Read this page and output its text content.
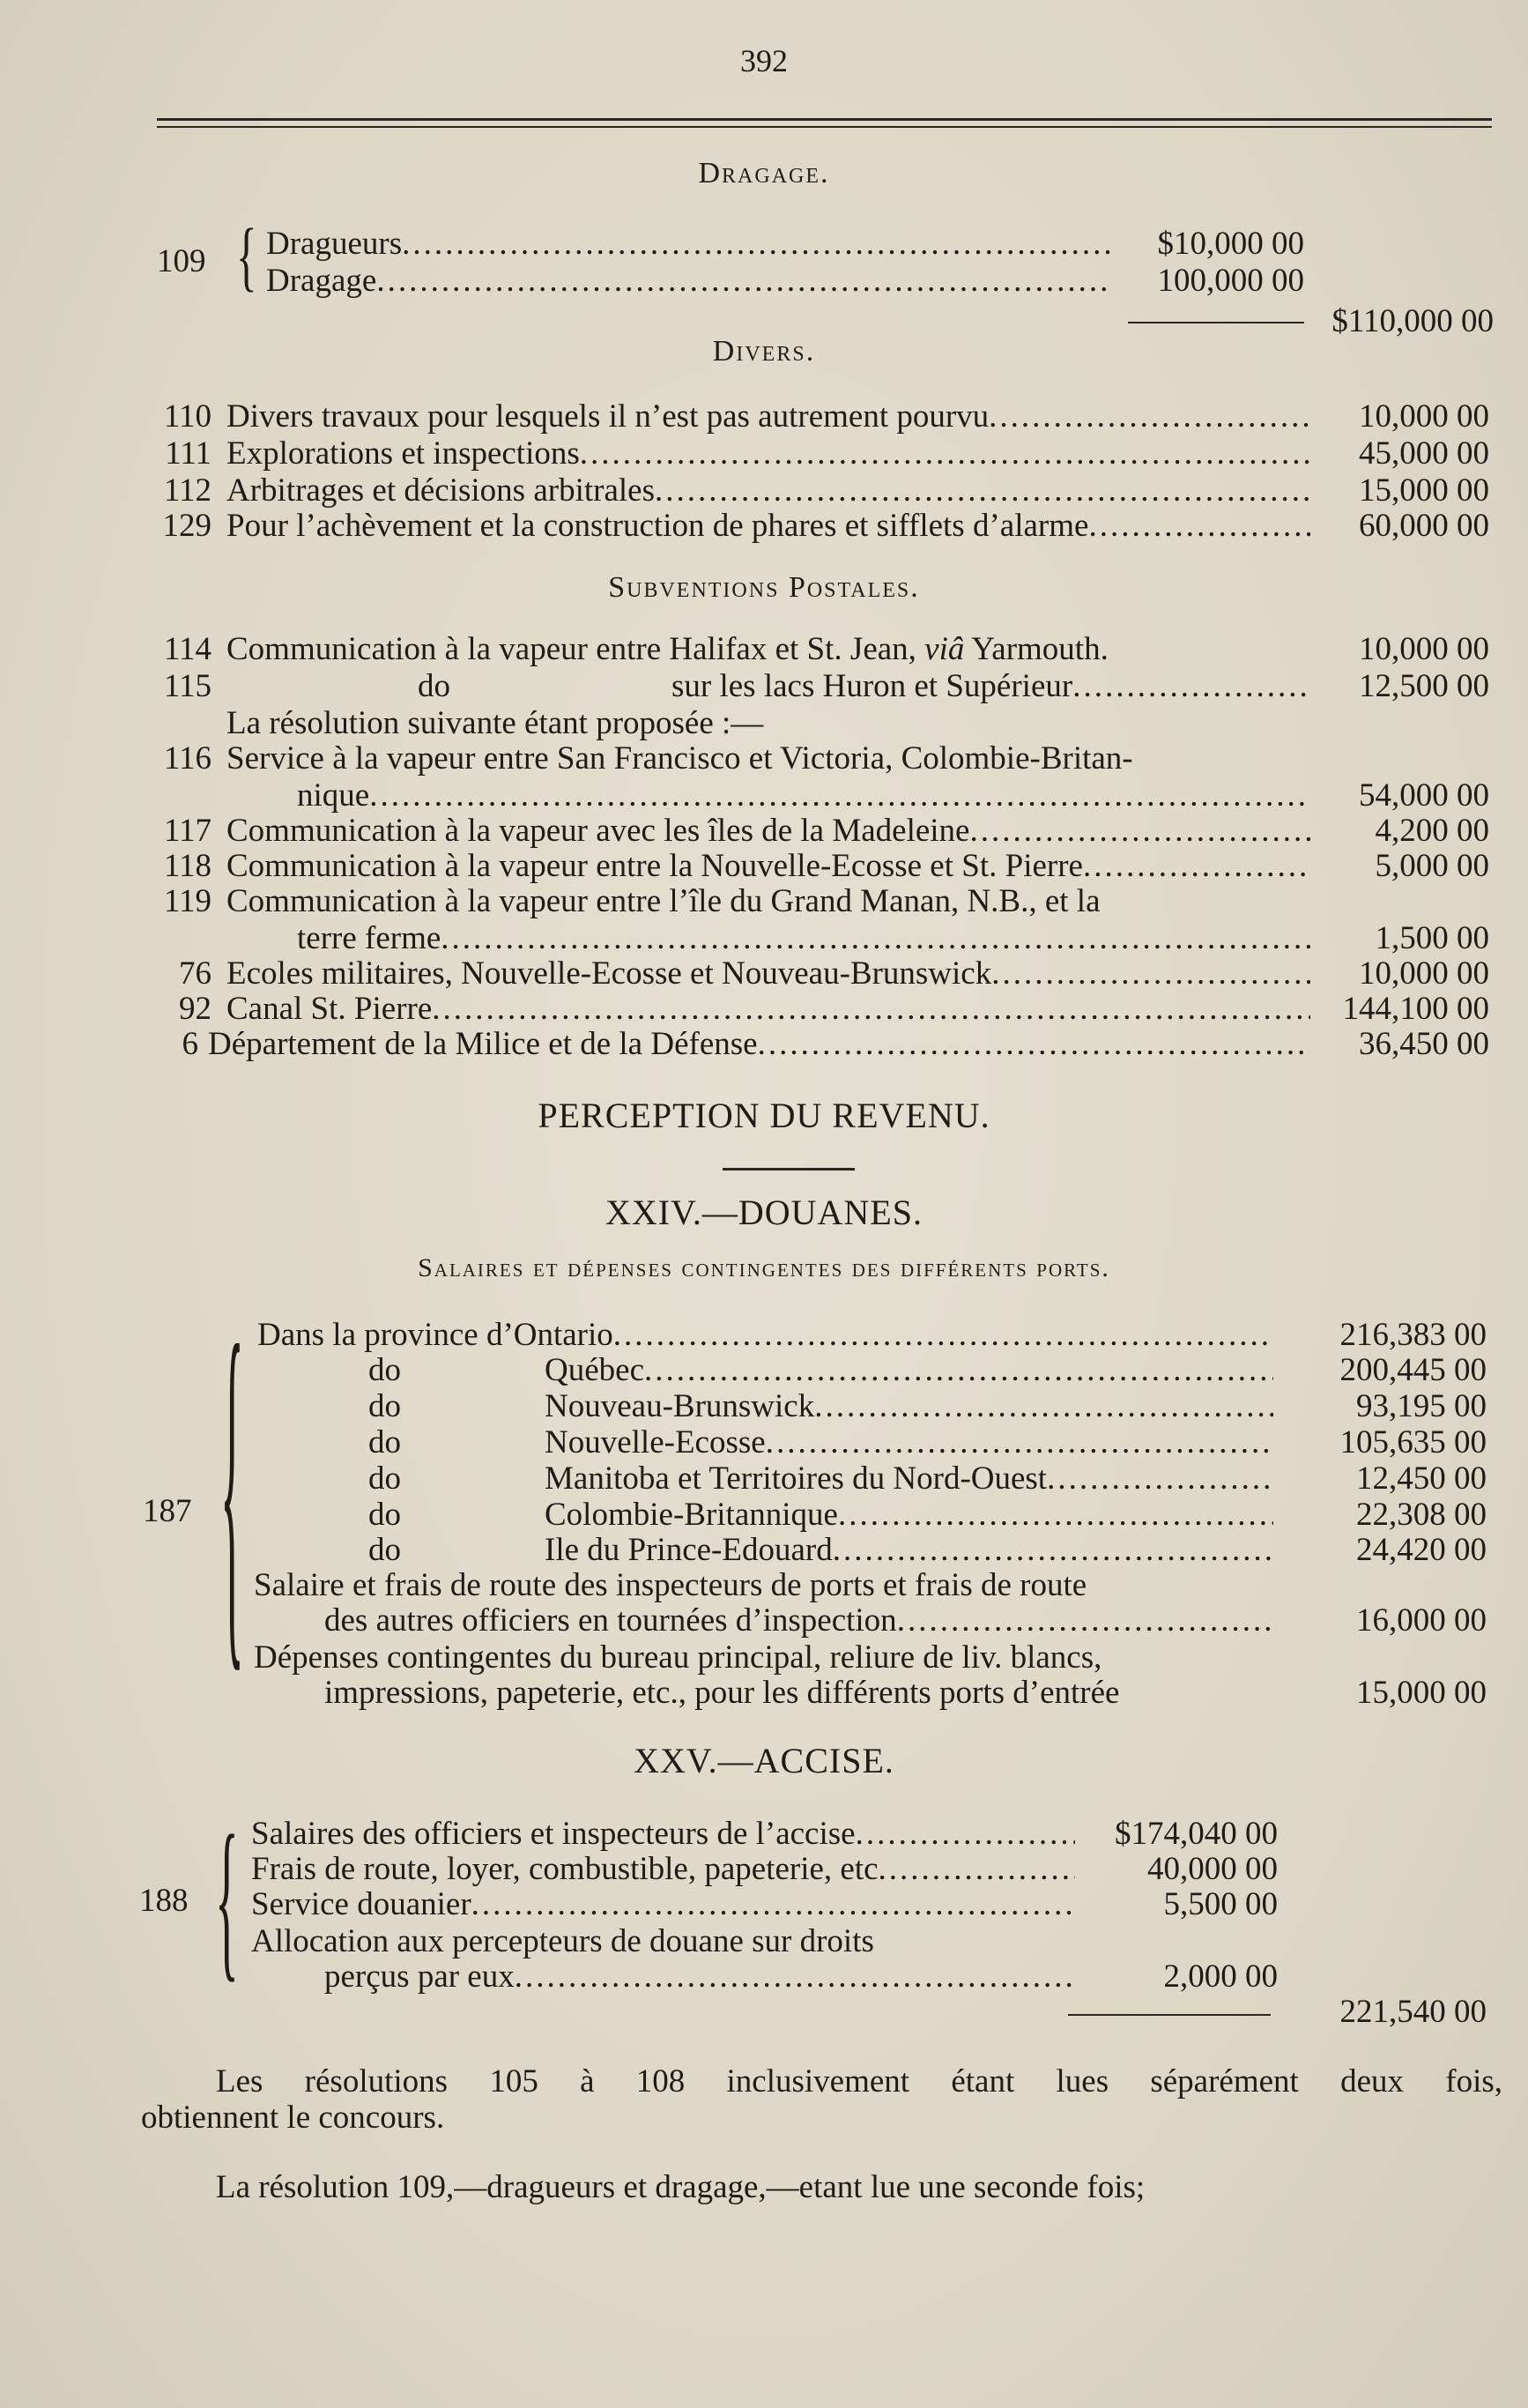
392
Dragage.
109 { Dragueurs .....	$10,000 00
Dragage .....	100,000 00
$110,000 00
Divers.
110 Divers travaux pour lesquels il n’est pas autrement pourvu .....	10,000 00
111 Explorations et inspections .....	45,000 00
112 Arbitrages et décisions arbitrales .....	15,000 00
129 Pour l’achèvement et la construction de phares et sifflets d’alarme .....	60,000 00
Subventions Postales.
114 Communication à la vapeur entre Halifax et St. Jean, viâ Yarmouth.	10,000 00
115	do	sur les lacs Huron et Supérieur .....	12,500 00
La résolution suivante étant proposée :—
116 Service à la vapeur entre San Francisco et Victoria, Colombie-Britan-
nique .....	54,000 00
117 Communication à la vapeur avec les îles de la Madeleine .....	4,200 00
118 Communication à la vapeur entre la Nouvelle-Ecosse et St. Pierre .....	5,000 00
119 Communication à la vapeur entre l’île du Grand Manan, N.B., et la
terre ferme .....	1,500 00
76 Ecoles militaires, Nouvelle-Ecosse et Nouveau-Brunswick .....	10,000 00
92 Canal St. Pierre .....	144,100 00
6 Département de la Milice et de la Défense .....	36,450 00
PERCEPTION DU REVENU.
XXIV.—DOUANES.
Salaires et dépenses contingentes des différents ports.
{
187
Dans la province d’Ontario .....	216,383 00
do	Québec .....	200,445 00
do	Nouveau-Brunswick .....	93,195 00
do	Nouvelle-Ecosse .....	105,635 00
do	Manitoba et Territoires du Nord-Ouest .....	12,450 00
do	Colombie-Britannique .....	22,308 00
do	Ile du Prince-Edouard .....	24,420 00
Salaire et frais de route des inspecteurs de ports et frais de route
des autres officiers en tournées d’inspection .....	16,000 00
Dépenses contingentes du bureau principal, reliure de liv. blancs,
impressions, papeterie, etc., pour les différents ports d’entrée	15,000 00
XXV.—ACCISE.
{
188
Salaires des officiers et inspecteurs de l’accise .....	$174,040 00
Frais de route, loyer, combustible, papeterie, etc .....	40,000 00
Service douanier .....	5,500 00
Allocation aux percepteurs de douane sur droits
perçus par eux .....	2,000 00
221,540 00
Les résolutions 105 à 108 inclusivement étant lues séparément deux fois,
obtiennent le concours.
La résolution 109,—dragueurs et dragage,—etant lue une seconde fois;
